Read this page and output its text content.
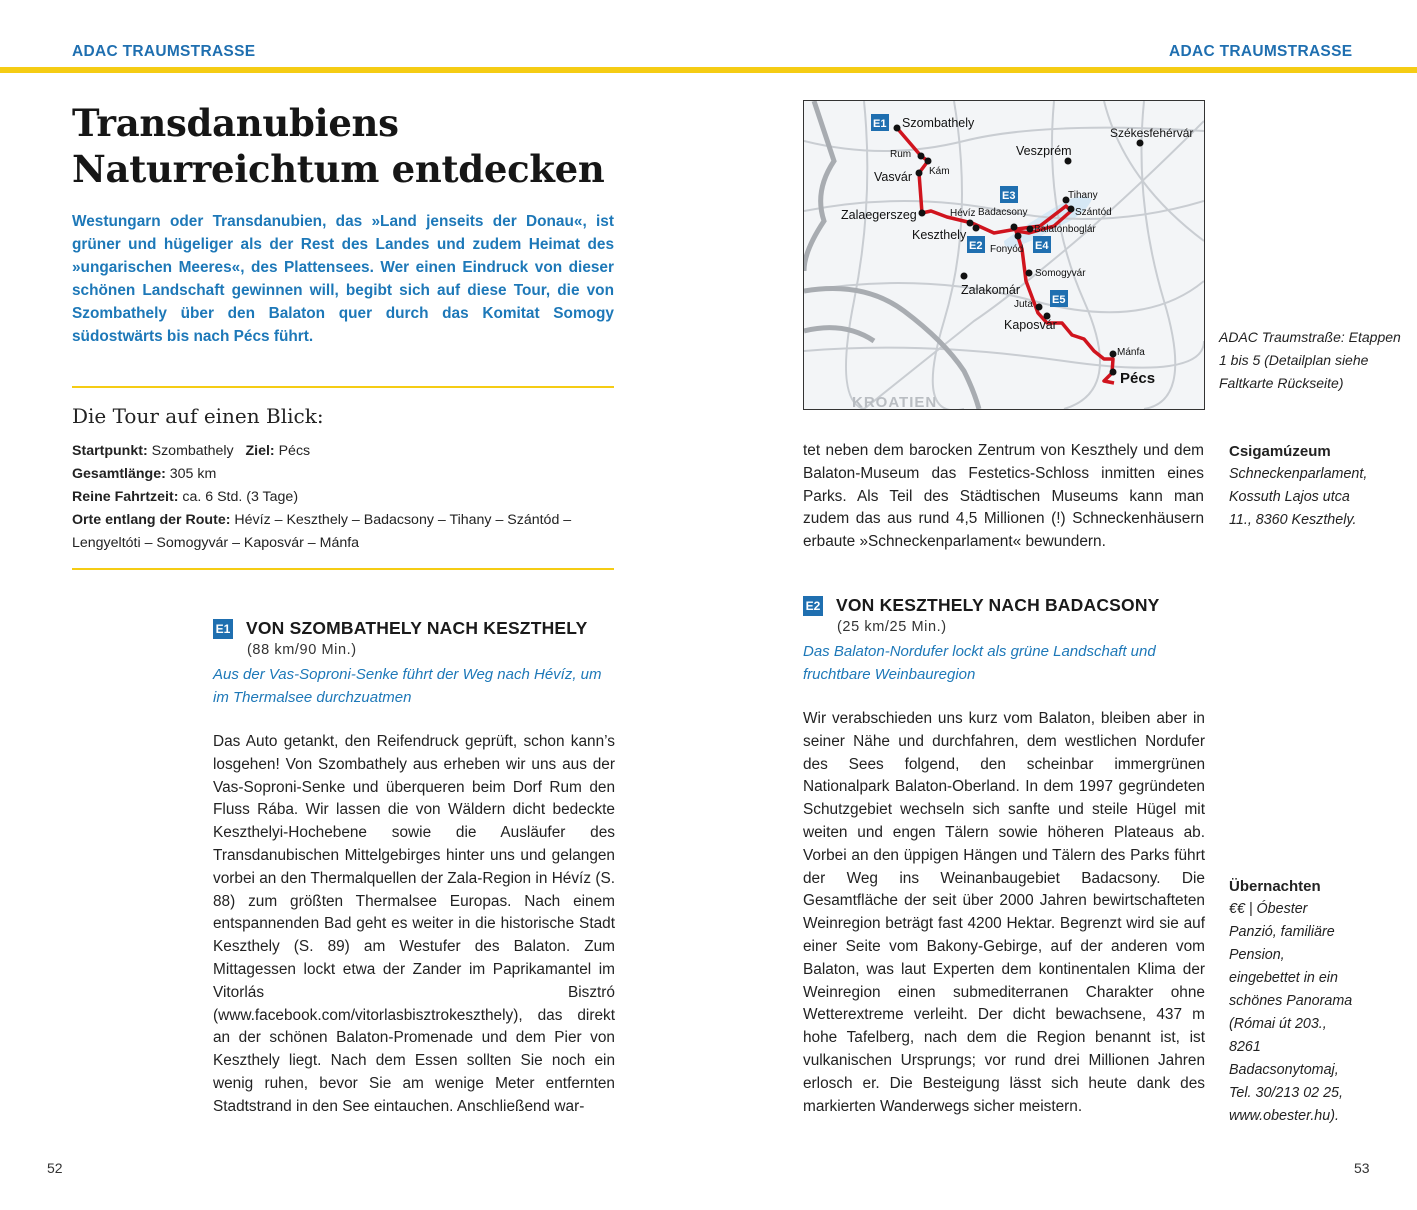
ADAC TRAUMSTRASSE	ADAC TRAUMSTRASSE
Transdanubiens
Naturreichtum entdecken
Westungarn oder Transdanubien, das »Land jenseits der Donau«, ist grüner und hügeliger als der Rest des Landes und zudem Heimat des »ungarischen Meeres«, des Plattensees. Wer einen Eindruck von dieser schönen Landschaft gewinnen will, begibt sich auf diese Tour, die von Szombathely über den Balaton quer durch das Komitat Somogy südostwärts bis nach Pécs führt.
Die Tour auf einen Blick:
Startpunkt: Szombathely Ziel: Pécs
Gesamtlänge: 305 km
Reine Fahrtzeit: ca. 6 Std. (3 Tage)
Orte entlang der Route: Hévíz – Keszthely – Badacsony – Tihany – Szántód – Lengyeltóti – Somogyvár – Kaposvár – Mánfa
E1 VON SZOMBATHELY NACH KESZTHELY
(88 km/90 Min.)
Aus der Vas-Soproni-Senke führt der Weg nach Hévíz, um im Thermalsee durchzuatmen
Das Auto getankt, den Reifendruck geprüft, schon kann’s losgehen! Von Szombathely aus erheben wir uns aus der Vas-Soproni-Senke und überqueren beim Dorf Rum den Fluss Rába. Wir lassen die von Wäldern dicht bedeckte Keszthelyi-Hochebene sowie die Ausläufer des Transdanubischen Mittelgebirges hinter uns und gelangen vorbei an den Thermalquellen der Zala-Region in Hévíz (S. 88) zum größten Thermalsee Europas. Nach einem entspannenden Bad geht es weiter in die historische Stadt Keszthely (S. 89) am Westufer des Balaton. Zum Mittagessen lockt etwa der Zander im Paprikamantel im Vitorlás Bisztró (www.facebook.com/vitorlasbisztrokeszthely), das direkt an der schönen Balaton-Promenade und dem Pier von Keszthely liegt. Nach dem Essen sollten Sie noch ein wenig ruhen, bevor Sie am wenige Meter entfernten Stadtstrand in den See eintauchen. Anschließend war-
52
Szombathely
Székesfehérvár
Veszprém
Rum
Kám
Vasvár
Tihany
Szántód
Zalaegerszeg	Hévíz Badacsony
Balatonboglár
Keszthely
Fonyód
Somogyvár
Zalakomár
Juta
Kaposvár
Mánfa
Pécs
KROATIEN
E1
E2
E3
E4
E5
ADAC Traumstraße: Etappen 1 bis 5 (Detailplan siehe Faltkarte Rückseite)
tet neben dem barocken Zentrum von Keszthely und dem Balaton-Museum das Festetics-Schloss inmitten eines Parks. Als Teil des Städtischen Museums kann man zudem das aus rund 4,5 Millionen (!) Schneckenhäusern erbaute »Schneckenparlament« bewundern.
Csigamúzeum
Schneckenparlament, Kossuth Lajos utca 11., 8360 Keszthely.
E2 VON KESZTHELY NACH BADACSONY
(25 km/25 Min.)
Das Balaton-Nordufer lockt als grüne Landschaft und fruchtbare Weinbauregion
Wir verabschieden uns kurz vom Balaton, bleiben aber in seiner Nähe und durchfahren, dem westlichen Nordufer des Sees folgend, den scheinbar immergrünen Nationalpark Balaton-Oberland. In dem 1997 gegründeten Schutzgebiet wechseln sich sanfte und steile Hügel mit weiten und engen Tälern sowie höheren Plateaus ab. Vorbei an den üppigen Hängen und Tälern des Parks führt der Weg ins Weinanbaugebiet Badacsony. Die Gesamtfläche der seit über 2000 Jahren bewirtschafteten Weinregion beträgt fast 4200 Hektar. Begrenzt wird sie auf einer Seite vom Bakony-Gebirge, auf der anderen vom Balaton, was laut Experten dem kontinentalen Klima der Weinregion einen submediterranen Charakter ohne Wetterextreme verleiht. Der dicht bewachsene, 437 m hohe Tafelberg, nach dem die Region benannt ist, ist vulkanischen Ursprungs; vor rund drei Millionen Jahren erlosch er. Die Besteigung lässt sich heute dank des markierten Wanderwegs sicher meistern.
Übernachten
€€ | Óbester Panzió, familiäre Pension, eingebettet in ein schönes Panorama (Római út 203., 8261 Badacsonytomaj, Tel. 30/213 02 25, www.obester.hu).
53
